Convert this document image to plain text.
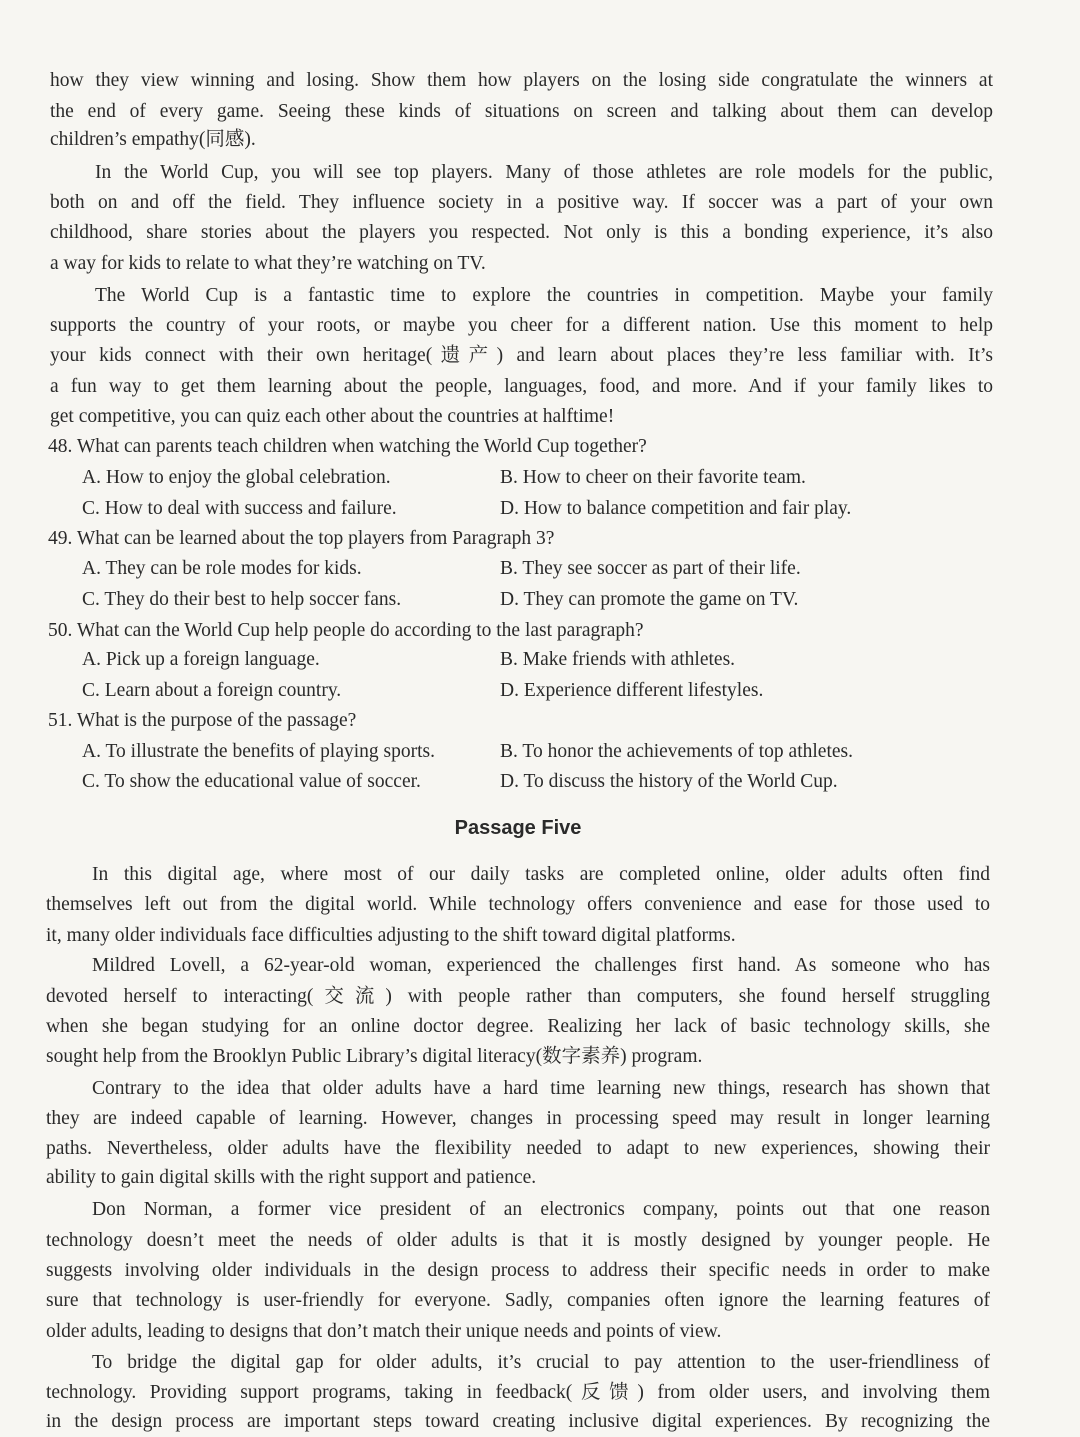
how they view winning and losing. Show them how players on the losing side congratulate the winners at
the end of every game. Seeing these kinds of situations on screen and talking about them can develop
children’s empathy(同感).
In the World Cup, you will see top players. Many of those athletes are role models for the public,
both on and off the field. They influence society in a positive way. If soccer was a part of your own
childhood, share stories about the players you respected. Not only is this a bonding experience, it’s also
a way for kids to relate to what they’re watching on TV.
The World Cup is a fantastic time to explore the countries in competition. Maybe your family
supports the country of your roots, or maybe you cheer for a different nation. Use this moment to help
your kids connect with their own heritage(遗产) and learn about places they’re less familiar with. It’s
a fun way to get them learning about the people, languages, food, and more. And if your family likes to
get competitive, you can quiz each other about the countries at halftime!
48. What can parents teach children when watching the World Cup together?
A. How to enjoy the global celebration.	B. How to cheer on their favorite team.
C. How to deal with success and failure.	D. How to balance competition and fair play.
49. What can be learned about the top players from Paragraph 3?
A. They can be role modes for kids.	B. They see soccer as part of their life.
C. They do their best to help soccer fans.	D. They can promote the game on TV.
50. What can the World Cup help people do according to the last paragraph?
A. Pick up a foreign language.	B. Make friends with athletes.
C. Learn about a foreign country.	D. Experience different lifestyles.
51. What is the purpose of the passage?
A. To illustrate the benefits of playing sports.	B. To honor the achievements of top athletes.
C. To show the educational value of soccer.	D. To discuss the history of the World Cup.
Passage Five
In this digital age, where most of our daily tasks are completed online, older adults often find
themselves left out from the digital world. While technology offers convenience and ease for those used to
it, many older individuals face difficulties adjusting to the shift toward digital platforms.
Mildred Lovell, a 62-year-old woman, experienced the challenges first hand. As someone who has
devoted herself to interacting(交流) with people rather than computers, she found herself struggling
when she began studying for an online doctor degree. Realizing her lack of basic technology skills, she
sought help from the Brooklyn Public Library’s digital literacy(数字素养) program.
Contrary to the idea that older adults have a hard time learning new things, research has shown that
they are indeed capable of learning. However, changes in processing speed may result in longer learning
paths. Nevertheless, older adults have the flexibility needed to adapt to new experiences, showing their
ability to gain digital skills with the right support and patience.
Don Norman, a former vice president of an electronics company, points out that one reason
technology doesn’t meet the needs of older adults is that it is mostly designed by younger people. He
suggests involving older individuals in the design process to address their specific needs in order to make
sure that technology is user-friendly for everyone. Sadly, companies often ignore the learning features of
older adults, leading to designs that don’t match their unique needs and points of view.
To bridge the digital gap for older adults, it’s crucial to pay attention to the user-friendliness of
technology. Providing support programs, taking in feedback(反馈) from older users, and involving them
in the design process are important steps toward creating inclusive digital experiences. By recognizing the
